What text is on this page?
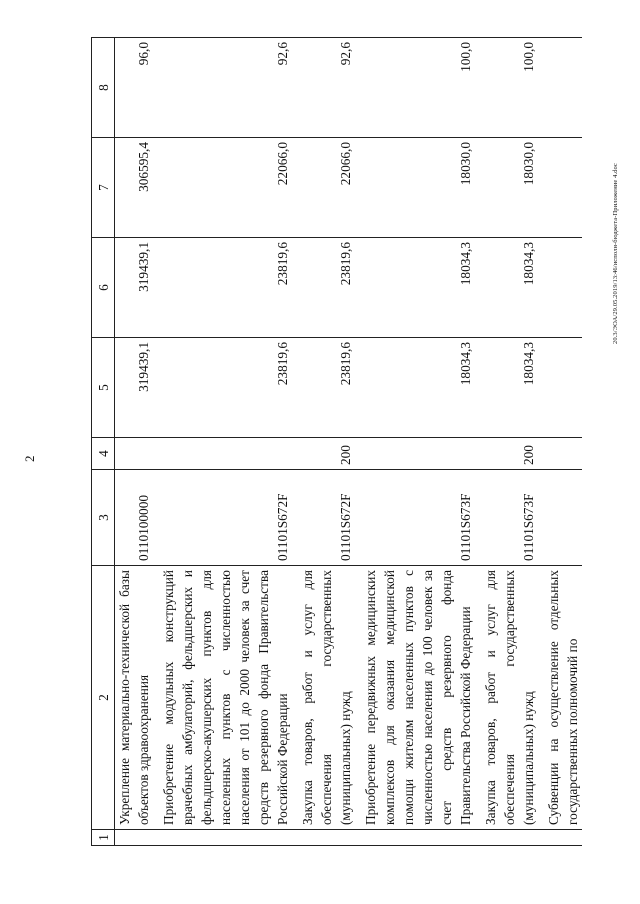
2
1	2	3	4	5	6	7	8
	Укрепление материально-технической базы объектов здравоохранения	0110100000		319439,1	319439,1	306595,4	96,0

	Приобретение модульных конструкций врачебных амбулаторий, фельдшерских и фельдшерско-акушерских пунктов для населенных пунктов с численностью населения от 101 до 2000 человек за счет средств резервного фонда Правительства Российской Федерации	01101S672F		23819,6	23819,6	22066,0	92,6

	Закупка товаров, работ и услуг для обеспечения государственных (муниципальных) нужд	01101S672F	200	23819,6	23819,6	22066,0	92,6

	Приобретение передвижных медицинских комплексов для оказания медицинской помощи жителям населенных пунктов с численностью населения до 100 человек за счет средств резервного фонда Правительства Российской Федерации	01101S673F		18034,3	18034,3	18030,0	100,0

	Закупка товаров, работ и услуг для обеспечения государственных (муниципальных) нужд	01101S673F	200	18034,3	18034,3	18030,0	100,0

	Субвенции на осуществление отдельных государственных полномочий по						
20.3/ЭОА/29.05.2019/13:46/исполн-бюджета-Приложение 4.doc
